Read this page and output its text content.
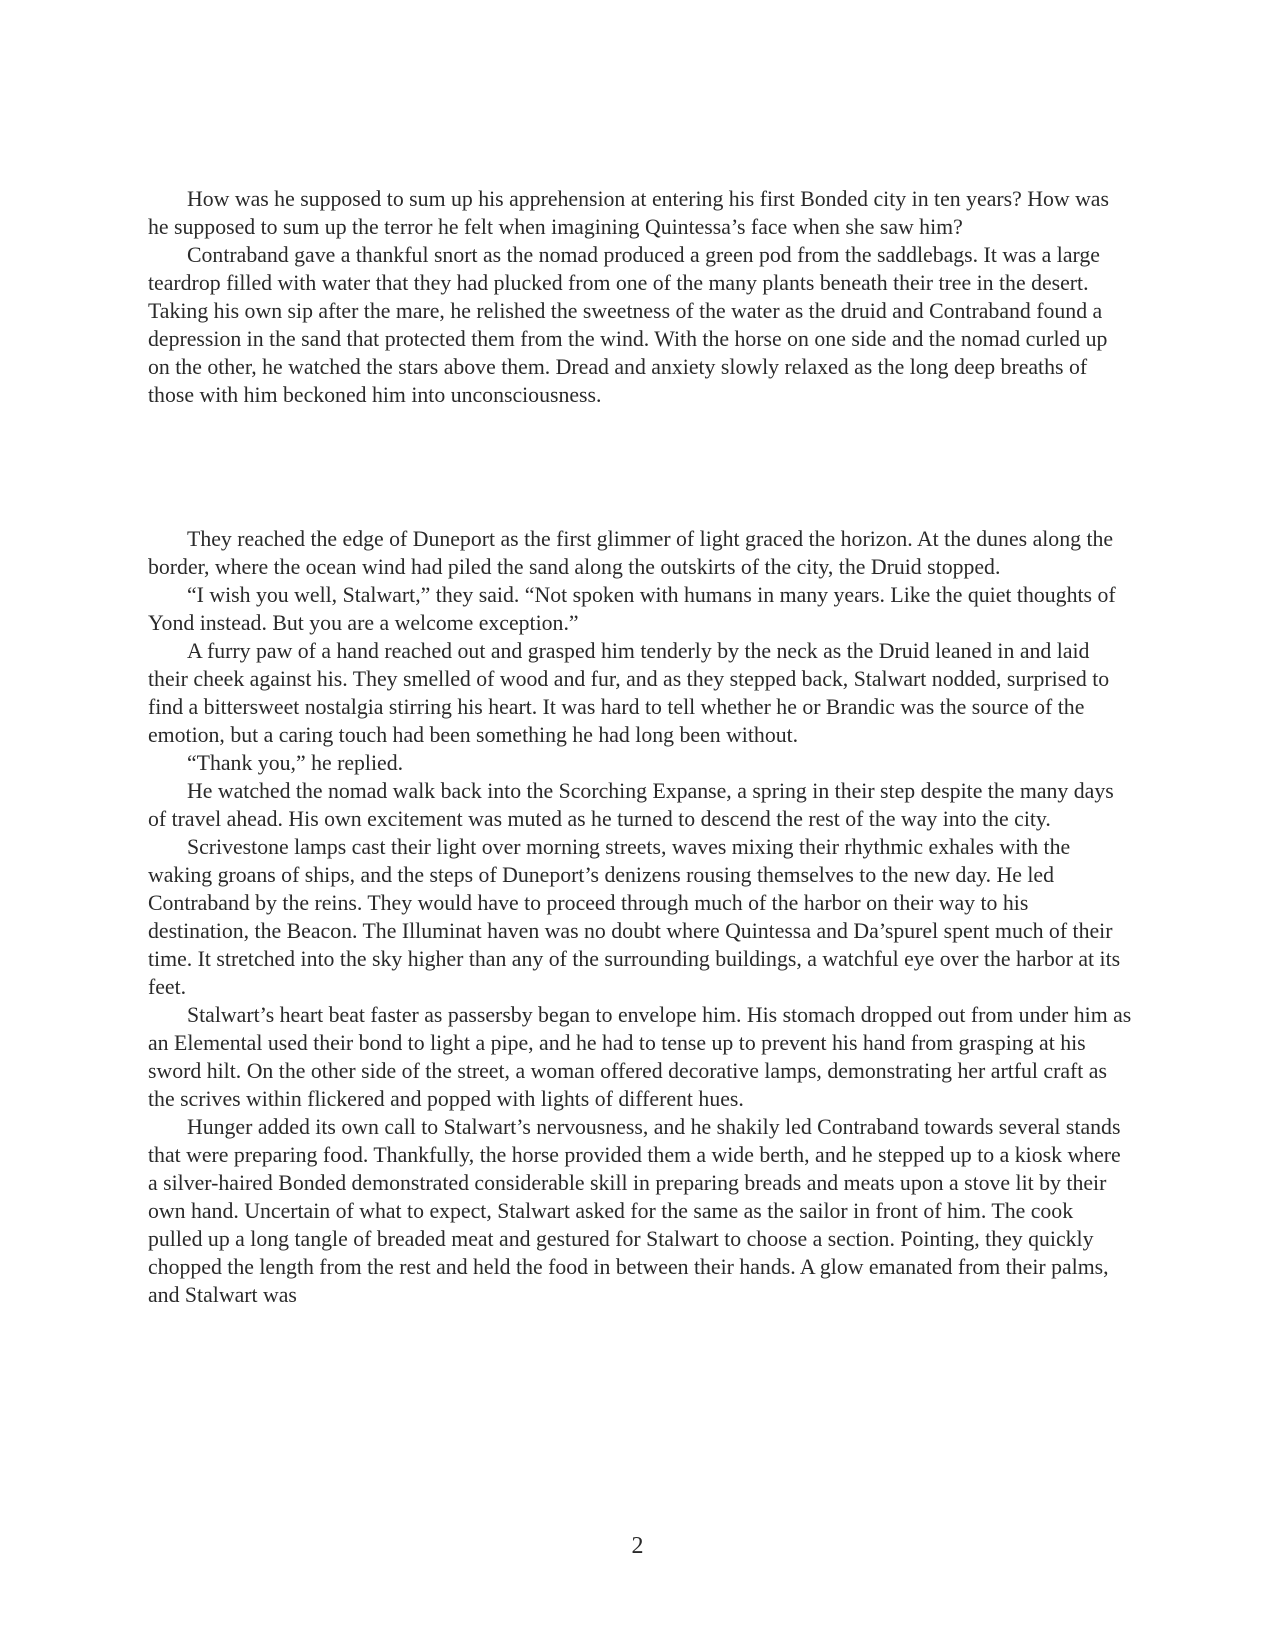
How was he supposed to sum up his apprehension at entering his first Bonded city in ten years? How was he supposed to sum up the terror he felt when imagining Quintessa’s face when she saw him?

Contraband gave a thankful snort as the nomad produced a green pod from the saddlebags. It was a large teardrop filled with water that they had plucked from one of the many plants beneath their tree in the desert. Taking his own sip after the mare, he relished the sweetness of the water as the druid and Contraband found a depression in the sand that protected them from the wind. With the horse on one side and the nomad curled up on the other, he watched the stars above them. Dread and anxiety slowly relaxed as the long deep breaths of those with him beckoned him into unconsciousness.

They reached the edge of Duneport as the first glimmer of light graced the horizon. At the dunes along the border, where the ocean wind had piled the sand along the outskirts of the city, the Druid stopped.

“I wish you well, Stalwart,” they said. “Not spoken with humans in many years. Like the quiet thoughts of Yond instead. But you are a welcome exception.”

A furry paw of a hand reached out and grasped him tenderly by the neck as the Druid leaned in and laid their cheek against his. They smelled of wood and fur, and as they stepped back, Stalwart nodded, surprised to find a bittersweet nostalgia stirring his heart. It was hard to tell whether he or Brandic was the source of the emotion, but a caring touch had been something he had long been without.

“Thank you,” he replied.

He watched the nomad walk back into the Scorching Expanse, a spring in their step despite the many days of travel ahead. His own excitement was muted as he turned to descend the rest of the way into the city.

Scrivestone lamps cast their light over morning streets, waves mixing their rhythmic exhales with the waking groans of ships, and the steps of Duneport’s denizens rousing themselves to the new day. He led Contraband by the reins. They would have to proceed through much of the harbor on their way to his destination, the Beacon. The Illuminat haven was no doubt where Quintessa and Da’spurel spent much of their time. It stretched into the sky higher than any of the surrounding buildings, a watchful eye over the harbor at its feet.

Stalwart’s heart beat faster as passersby began to envelope him. His stomach dropped out from under him as an Elemental used their bond to light a pipe, and he had to tense up to prevent his hand from grasping at his sword hilt. On the other side of the street, a woman offered decorative lamps, demonstrating her artful craft as the scrives within flickered and popped with lights of different hues.

Hunger added its own call to Stalwart’s nervousness, and he shakily led Contraband towards several stands that were preparing food. Thankfully, the horse provided them a wide berth, and he stepped up to a kiosk where a silver-haired Bonded demonstrated considerable skill in preparing breads and meats upon a stove lit by their own hand. Uncertain of what to expect, Stalwart asked for the same as the sailor in front of him. The cook pulled up a long tangle of breaded meat and gestured for Stalwart to choose a section. Pointing, they quickly chopped the length from the rest and held the food in between their hands. A glow emanated from their palms, and Stalwart was

2
